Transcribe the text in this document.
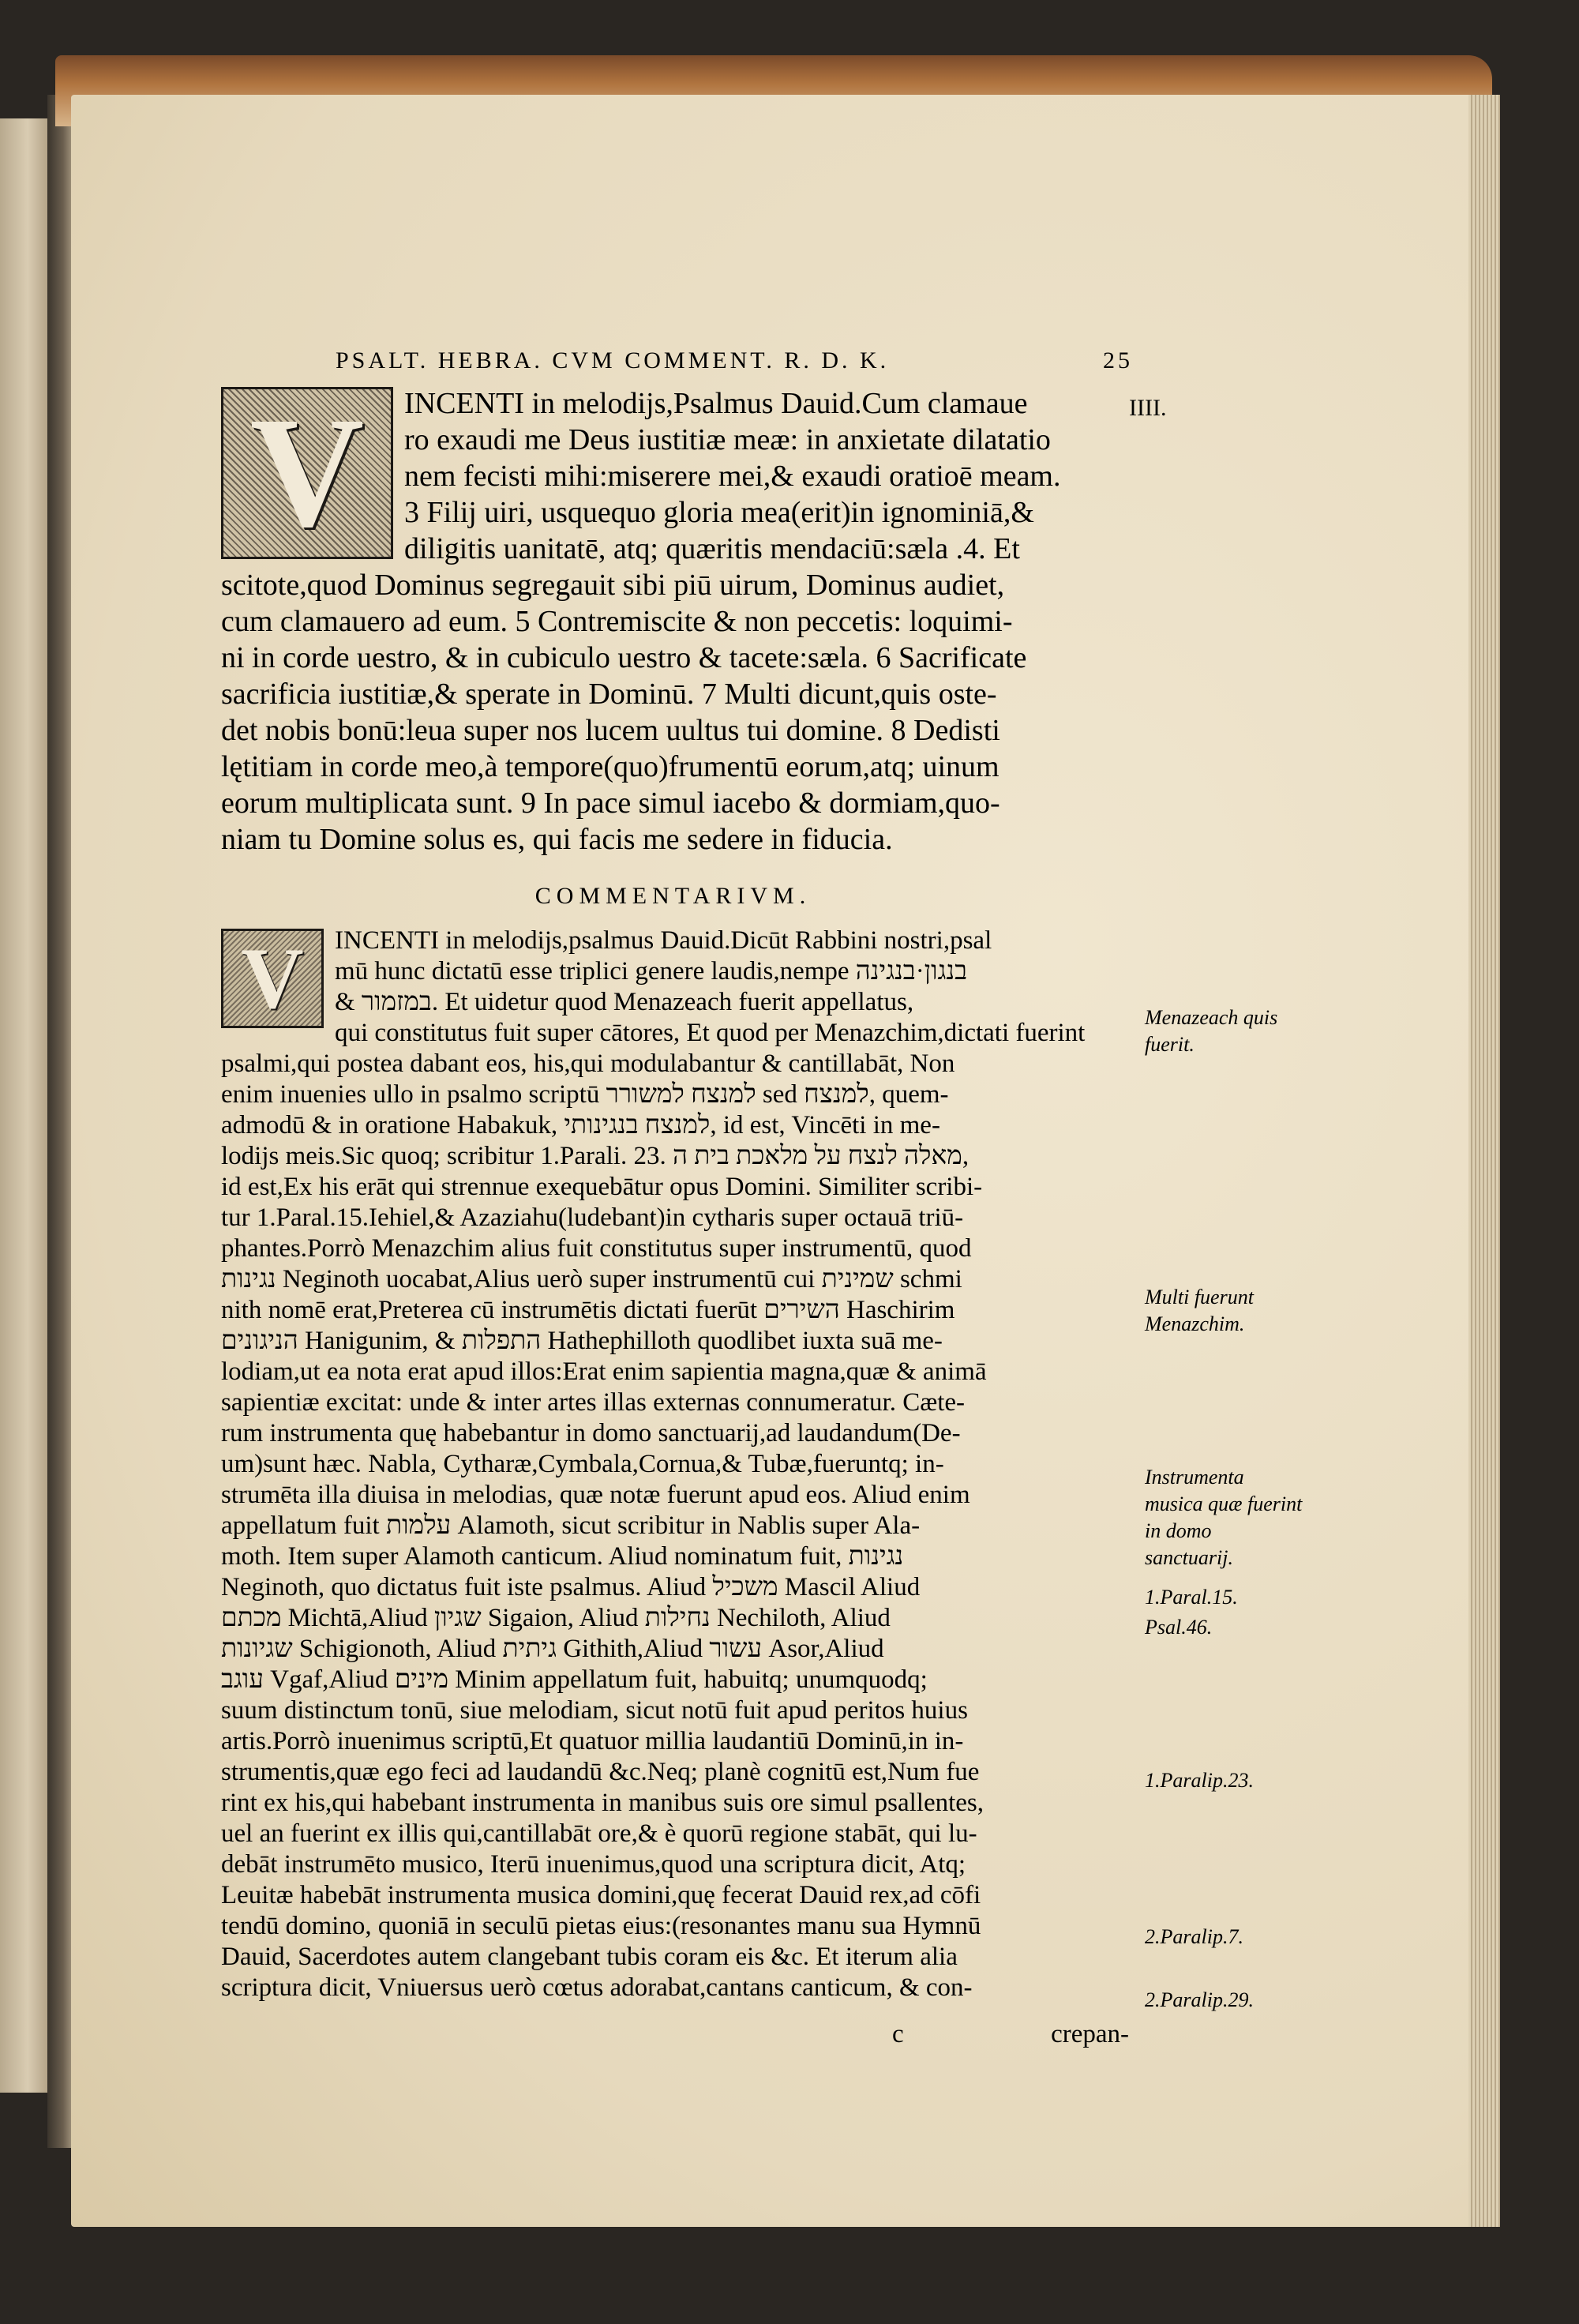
PSALT. HEBRA. CVM COMMENT. R. D. K.	25
IIII.
V	INCENTI in melodijs,Psalmus Dauid.Cum clamaue
ro exaudi me Deus iustitiæ meæ: in anxietate dilatatio
nem fecisti mihi:miserere mei,& exaudi oratioē meam.
3 Filij uiri, usquequo gloria mea(erit)in ignominiā,&
diligitis uanitatē, atq; quæritis mendaciū:sæla .4. Et
scitote,quod Dominus segregauit sibi piū uirum, Dominus audiet,
cum clamauero ad eum. 5 Contremiscite & non peccetis: loquimi-
ni in corde uestro, & in cubiculo uestro & tacete:sæla. 6 Sacrificate
sacrificia iustitiæ,& sperate in Dominū. 7 Multi dicunt,quis oste-
det nobis bonū:leua super nos lucem uultus tui domine. 8 Dedisti
lętitiam in corde meo,à tempore(quo)frumentū eorum,atq; uinum
eorum multiplicata sunt. 9 In pace simul iacebo & dormiam,quo-
niam tu Domine solus es, qui facis me sedere in fiducia.
COMMENTARIVM.
V	INCENTI in melodijs,psalmus Dauid.Dicūt Rabbini nostri,psal
mū hunc dictatū esse triplici genere laudis,nempe בנגון·בנגינה
& במזמור. Et uidetur quod Menazeach fuerit appellatus,
qui constitutus fuit super cātores, Et quod per Menazchim,dictati fuerint
psalmi,qui postea dabant eos, his,qui modulabantur & cantillabāt, Non
enim inuenies ullo in psalmo scriptū למנצח למשורר sed למנצח, quem-
admodū & in oratione Habakuk, למנצח בנגינותי, id est, Vincēti in me-
lodijs meis.Sic quoq; scribitur 1.Parali. 23. מאלה לנצח על מלאכת בית ה,
id est,Ex his erāt qui strennue exequebātur opus Domini. Similiter scribi-
tur 1.Paral.15.Iehiel,& Azaziahu(ludebant)in cytharis super octauā triū-
phantes.Porrò Menazchim alius fuit constitutus super instrumentū, quod
נגינות Neginoth uocabat,Alius uerò super instrumentū cui שמינית schmi
nith nomē erat,Preterea cū instrumētis dictati fuerūt השירים Haschirim
הניגונים Hanigunim, & התפלות Hathephilloth quodlibet iuxta suā me-
lodiam,ut ea nota erat apud illos:Erat enim sapientia magna,quæ & animā
sapientiæ excitat: unde & inter artes illas externas connumeratur. Cæte-
rum instrumenta quę habebantur in domo sanctuarij,ad laudandum(De-
um)sunt hæc. Nabla, Cytharæ,Cymbala,Cornua,& Tubæ,fueruntq; in-
strumēta illa diuisa in melodias, quæ notæ fuerunt apud eos. Aliud enim
appellatum fuit עלמות Alamoth, sicut scribitur in Nablis super Ala-
moth. Item super Alamoth canticum. Aliud nominatum fuit, נגינות
Neginoth, quo dictatus fuit iste psalmus. Aliud משכיל Mascil Aliud
מכתם Michtā,Aliud שגיון Sigaion, Aliud נחילות Nechiloth, Aliud
שגיונות Schigionoth, Aliud גיתית Githith,Aliud עשור Asor,Aliud
עוגב Vgaf,Aliud מינים Minim appellatum fuit, habuitq; unumquodq;
suum distinctum tonū, siue melodiam, sicut notū fuit apud peritos huius
artis.Porrò inuenimus scriptū,Et quatuor millia laudantiū Dominū,in in-
strumentis,quæ ego feci ad laudandū &c.Neq; planè cognitū est,Num fue
rint ex his,qui habebant instrumenta in manibus suis ore simul psallentes,
uel an fuerint ex illis qui,cantillabāt ore,& è quorū regione stabāt, qui lu-
debāt instrumēto musico, Iterū inuenimus,quod una scriptura dicit, Atq;
Leuitæ habebāt instrumenta musica domini,quę fecerat Dauid rex,ad cōfi
tendū domino, quoniā in seculū pietas eius:(resonantes manu sua Hymnū
Dauid, Sacerdotes autem clangebant tubis coram eis &c. Et iterum alia
scriptura dicit, Vniuersus uerò cœtus adorabat,cantans canticum, & con-
Menazeach quis fuerit.
Multi fuerunt Menazchim.
Instrumenta musica quæ fuerint in domo sanctuarij.
1.Paral.15.
Psal.46.
1.Paralip.23.
2.Paralip.7.
2.Paralip.29.
c	crepan-
